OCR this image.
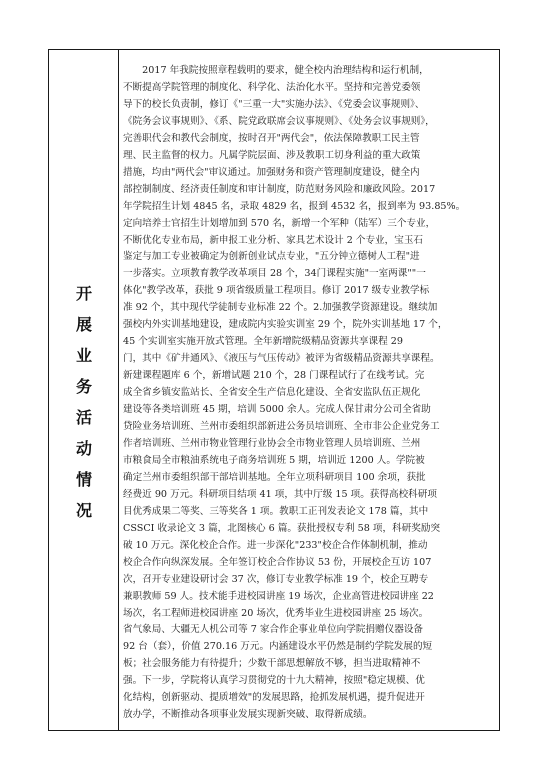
开
展
业
务
活
动
情
况

　　2017 年我院按照章程载明的要求，健全校内治理结构和运行机制，

不断提高学院管理的制度化、科学化、法治化水平。坚持和完善党委领

导下的校长负责制，修订《"三重一大"实施办法》、《党委会议事规则》、

《院务会议事规则》、《系、院党政联席会议事规则》、《处务会议事规则》，

完善职代会和教代会制度，按时召开"两代会"，依法保障教职工民主管

理、民主监督的权力。凡属学院层面、涉及教职工切身利益的重大政策

措施，均由"两代会"审议通过。加强财务和资产管理制度建设，健全内

部控制制度、经济责任制度和审计制度，防范财务风险和廉政风险。2017

年学院招生计划 4845 名，录取 4829 名，报到 4532 名，报到率为 93.85%。

定向培养士官招生计划增加到 570 名，新增一个军种（陆军）三个专业，

不断优化专业布局，新申报工业分析、家具艺术设计 2 个专业，宝玉石

鉴定与加工专业被确定为创新创业试点专业，"五分钟立德树人工程"进

一步落实。立项教育教学改革项目 28 个，34门课程实施"一室两课""一

体化"教学改革，获批 9 项省级质量工程项目。修订 2017 级专业教学标

准 92 个，其中现代学徒制专业标准 22 个。2.加强教学资源建设。继续加

强校内外实训基地建设，建成院内实验实训室 29 个，院外实训基地 17 个，

45 个实训室实施开放式管理。全年新增院级精品资源共享课程 29

门，其中《矿井通风》、《液压与气压传动》被评为省级精品资源共享课程。

新建课程题库 6 个，新增试题 210 个，28 门课程试行了在线考试。完

成全省乡镇安监站长、全省安全生产信息化建设、全省安监队伍正规化

建设等各类培训班 45 期，培训 5000 余人。完成人保甘肃分公司全省助

贷险业务培训班、兰州市委组织部新进公务员培训班、全市非公企业党务工

作者培训班、兰州市物业管理行业协会全市物业管理人员培训班、兰州

市粮食局全市粮油系统电子商务培训班 5 期，培训近 1200 人。学院被

确定兰州市委组织部干部培训基地。全年立项科研项目 100 余项，获批

经费近 90 万元。科研项目结项 41 项，其中厅级 15 项。获得高校科研项

目优秀成果二等奖、三等奖各 1 项。教职工正刊发表论文 178 篇，其中

CSSCI 收录论文 3 篇，北图核心 6 篇。获批授权专利 58 项，科研奖励突

破 10 万元。深化校企合作。进一步深化"233"校企合作体制机制，推动

校企合作向纵深发展。全年签订校企合作协议 53 份，开展校企互访 107

次，召开专业建设研讨会 37 次，修订专业教学标准 19 个，校企互聘专

兼职教师 59 人。技术能手进校园讲座 19 场次，企业高管进校园讲座 22

场次，名工程师进校园讲座 20 场次，优秀毕业生进校园讲座 25 场次。

省气象局、大疆无人机公司等 7 家合作企事业单位向学院捐赠仪器设备

92 台（套），价值 270.16 万元。内涵建设水平仍然是制约学院发展的短

板；社会服务能力有待提升；少数干部思想解放不够，担当进取精神不

强。下一步，学院将认真学习贯彻党的十九大精神，按照"稳定规模、优

化结构，创新驱动、提质增效"的发展思路，抢抓发展机遇，提升促进开

放办学，不断推动各项事业发展实现新突破、取得新成绩。
